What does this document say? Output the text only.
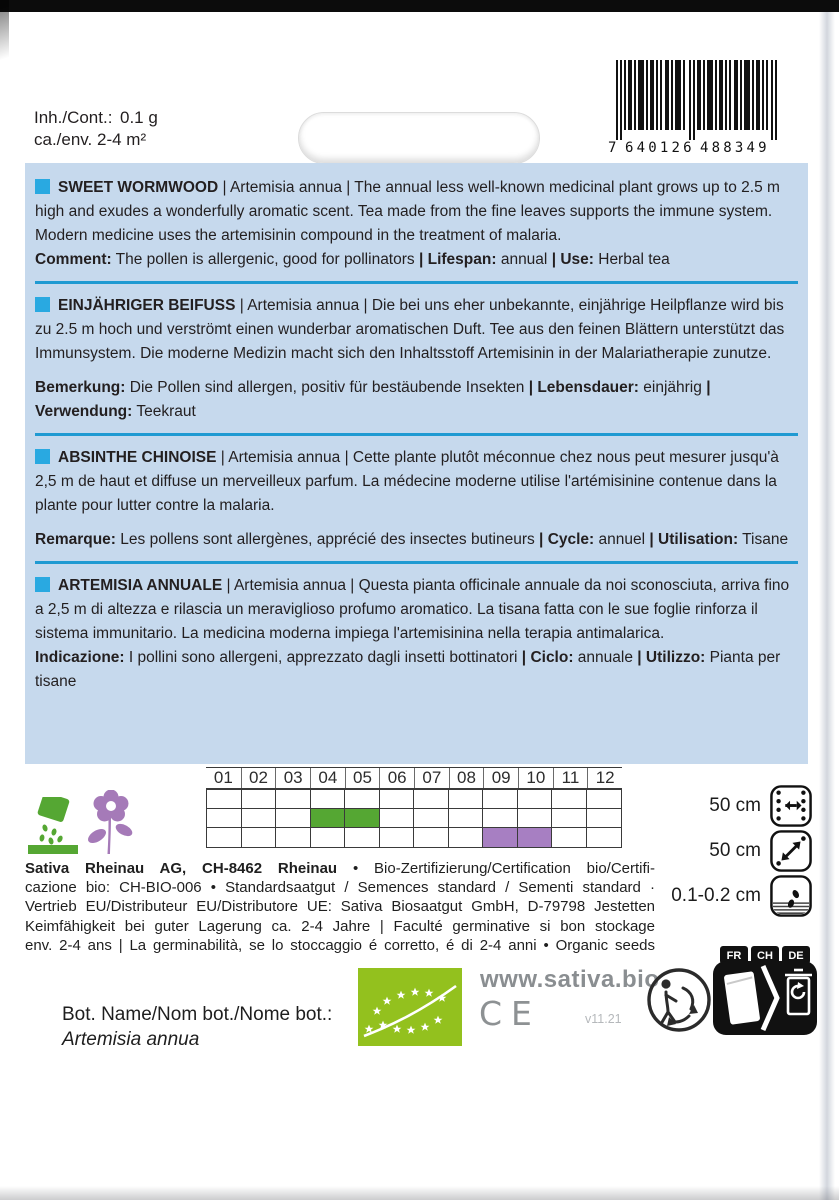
Inh./Cont.: 0.1 g
ca./env. 2-4 m²	7 640126 488349

SWEET WORMWOOD | Artemisia annua | The annual less well-known medicinal plant grows up to 2.5 m high and exudes a wonderfully aromatic scent. Tea made from the fine leaves supports the immune system. Modern medicine uses the artemisinin compound in the treatment of malaria.

Comment: The pollen is allergenic, good for pollinators | Lifespan: annual | Use: Herbal tea

EINJÄHRIGER BEIFUSS | Artemisia annua | Die bei uns eher unbekannte, einjährige Heilpflanze wird bis zu 2.5 m hoch und verströmt einen wunderbar aromatischen Duft. Tee aus den feinen Blättern unterstützt das Immunsystem. Die moderne Medizin macht sich den Inhaltsstoff Artemisinin in der Malariatherapie zunutze.

Bemerkung: Die Pollen sind allergen, positiv für bestäubende Insekten | Lebensdauer: einjährig | Verwendung: Teekraut

ABSINTHE CHINOISE | Artemisia annua | Cette plante plutôt méconnue chez nous peut mesurer jusqu'à 2,5 m de haut et diffuse un merveilleux parfum. La médecine moderne utilise l'artémisinine contenue dans la plante pour lutter contre la malaria.

Remarque: Les pollens sont allergènes, apprécié des insectes butineurs | Cycle: annuel | Utilisation: Tisane

ARTEMISIA ANNUALE | Artemisia annua | Questa pianta officinale annuale da noi sconosciuta, arriva fino a 2,5 m di altezza e rilascia un meraviglioso profumo aromatico. La tisana fatta con le sue foglie rinforza il sistema immunitario. La medicina moderna impiega l'artemisinina nella terapia antimalarica.

Indicazione: I pollini sono allergeni, apprezzato dagli insetti bottinatori | Ciclo: annuale | Utilizzo: Pianta per tisane

01 02 03 04 05 06 07 08 09 10 11 12
Sativa Rheinau AG, CH-8462 Rheinau • Bio-Zertifizierung/Certification bio/Certifi-
cazione bio: CH-BIO-006 • Standardsaatgut / Semences standard / Sementi standard ·
Vertrieb EU/Distributeur EU/Distributore UE: Sativa Biosaatgut GmbH, D-79798 Jestetten
Keimfähigkeit bei guter Lagerung ca. 2-4 Jahre | Faculté germinative si bon stockage
env. 2-4 ans | La germinabilità, se lo stoccaggio é corretto, é di 2-4 anni • Organic seeds
50 cm
50 cm
0.1-0.2 cm
www.sativa.bio
CE	v11.21
FR CH DE
Bot. Name/Nom bot./Nome bot.:
Artemisia annua
